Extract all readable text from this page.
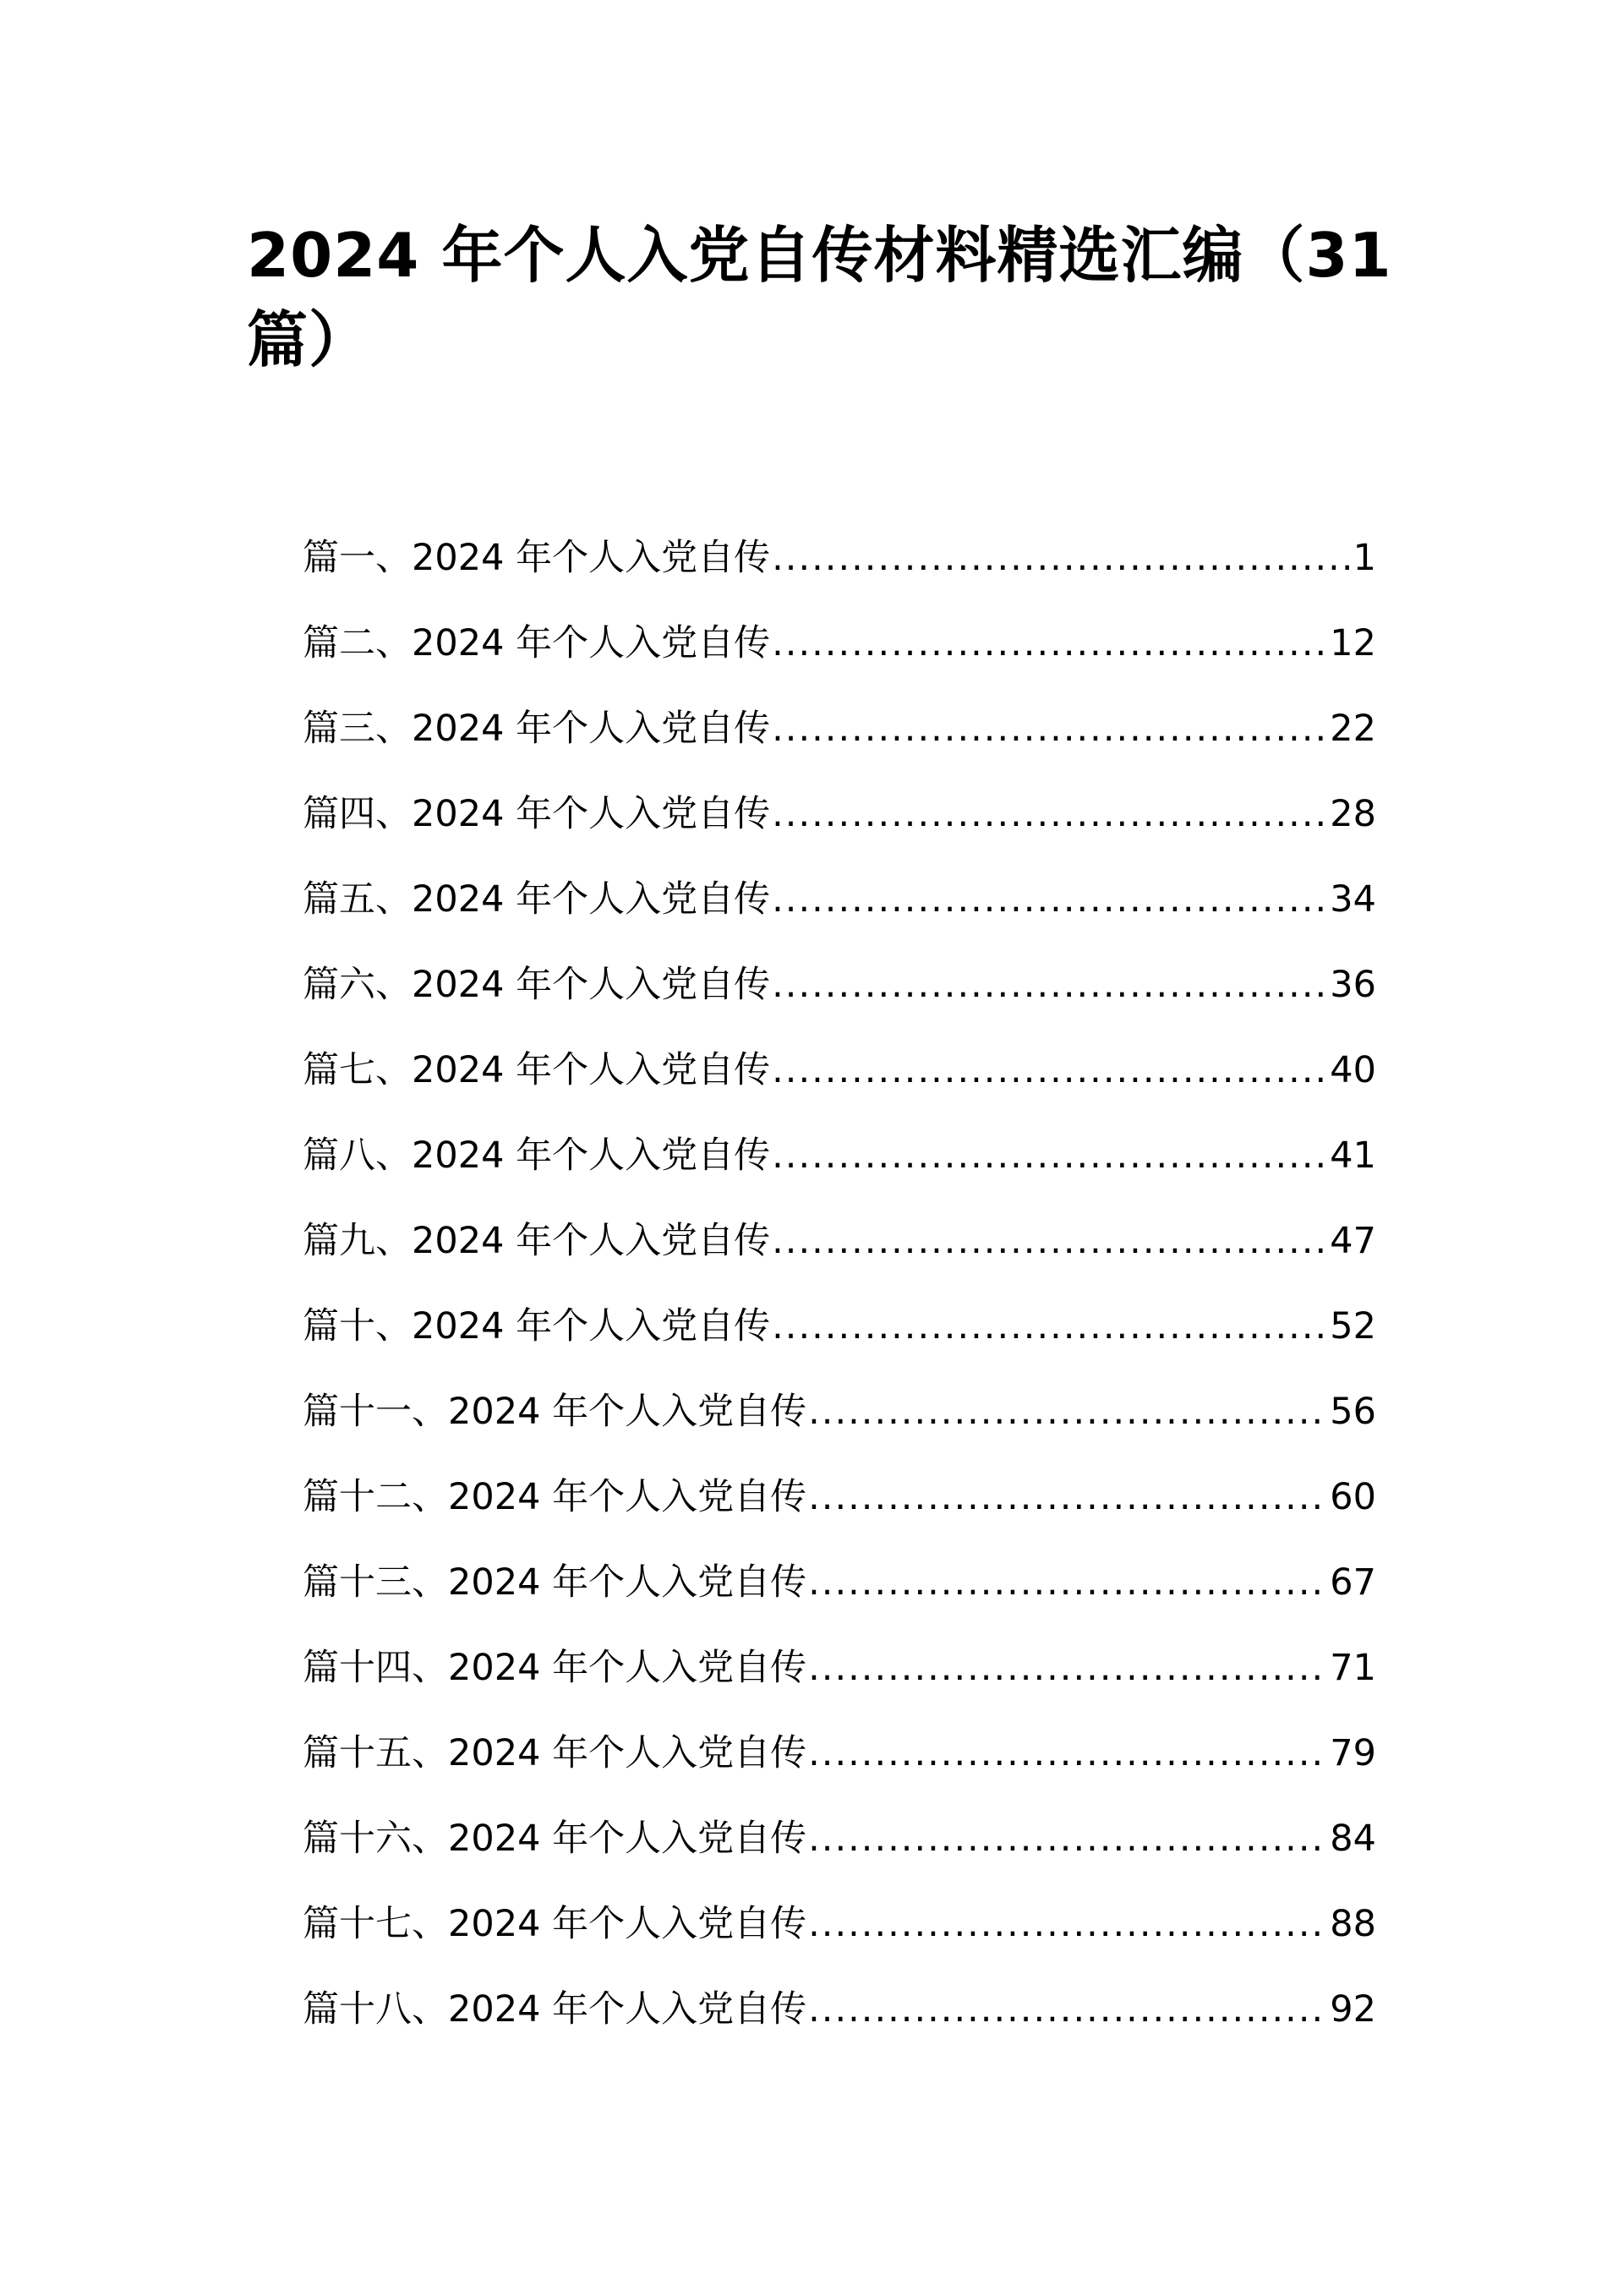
2024 年个人入党自传材料精选汇编（31 篇）
篇一、2024 年个人入党自传 .....	1
篇二、2024 年个人入党自传 .....	12
篇三、2024 年个人入党自传 .....	22
篇四、2024 年个人入党自传 .....	28
篇五、2024 年个人入党自传 .....	34
篇六、2024 年个人入党自传 .....	36
篇七、2024 年个人入党自传 .....	40
篇八、2024 年个人入党自传 .....	41
篇九、2024 年个人入党自传 .....	47
篇十、2024 年个人入党自传 .....	52
篇十一、2024 年个人入党自传 .....	56
篇十二、2024 年个人入党自传 .....	60
篇十三、2024 年个人入党自传 .....	67
篇十四、2024 年个人入党自传 .....	71
篇十五、2024 年个人入党自传 .....	79
篇十六、2024 年个人入党自传 .....	84
篇十七、2024 年个人入党自传 .....	88
篇十八、2024 年个人入党自传 .....	92
